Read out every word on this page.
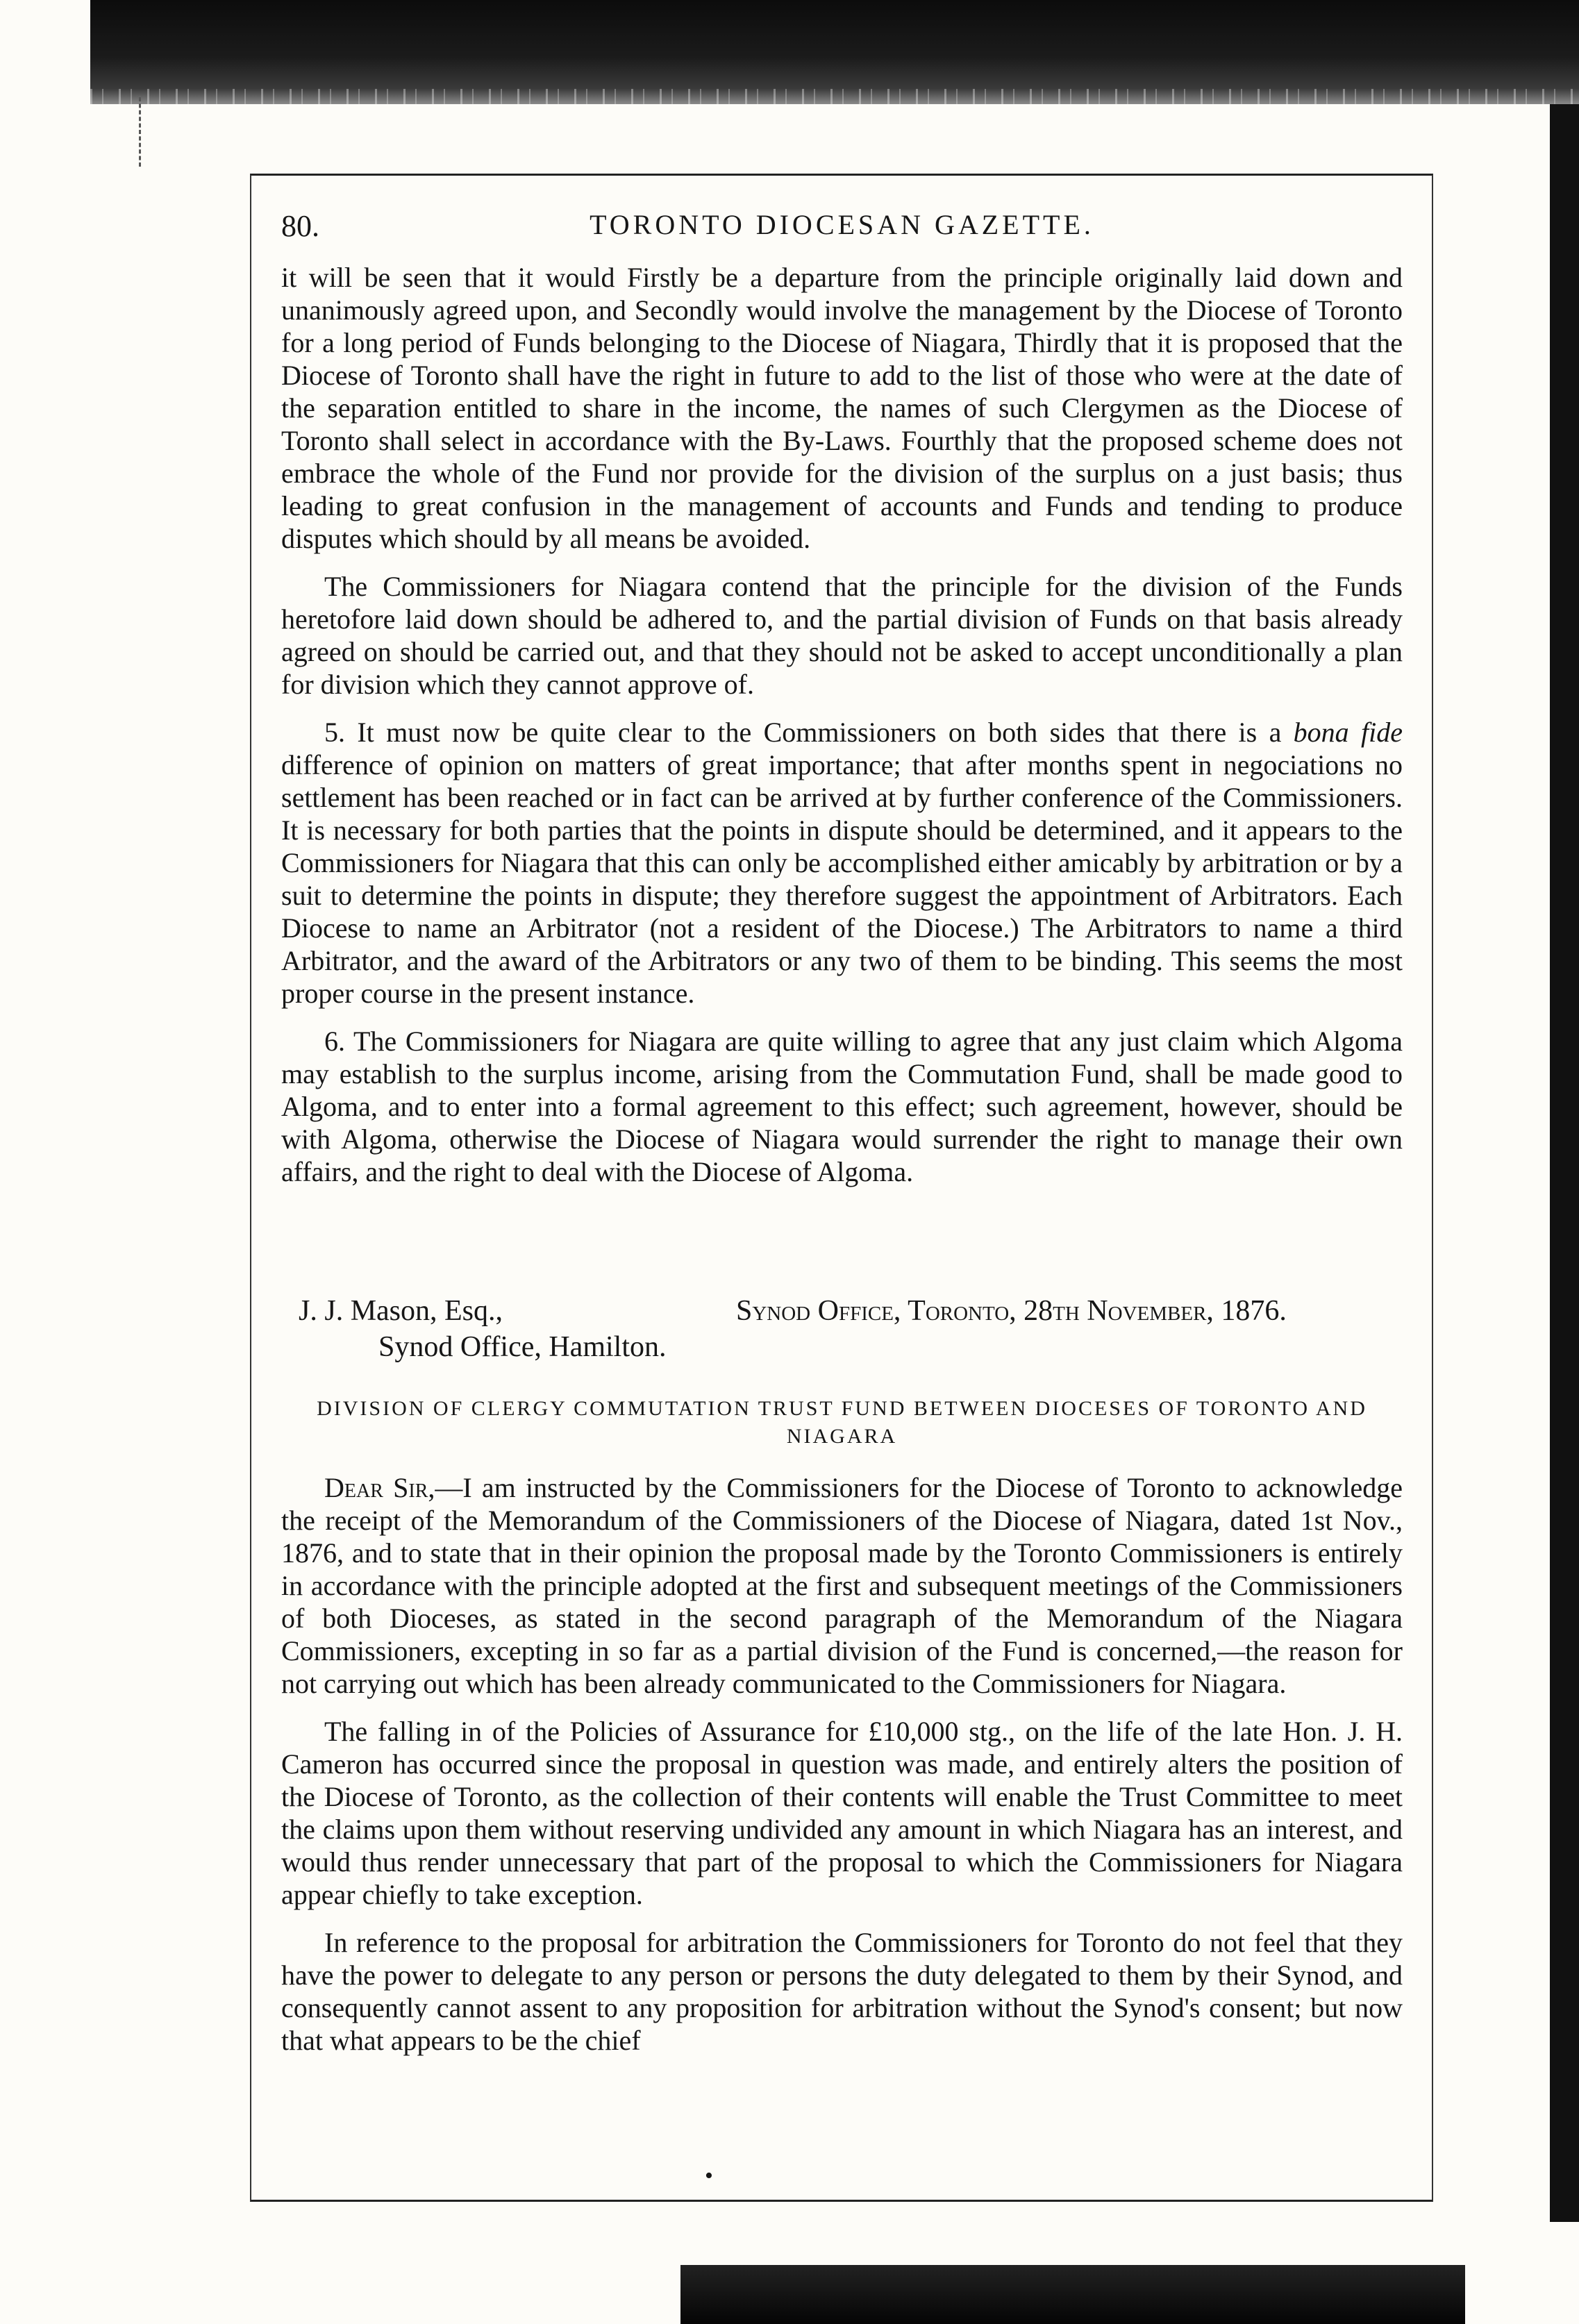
80.	TORONTO DIOCESAN GAZETTE.

it will be seen that it would Firstly be a departure from the principle originally laid down and unanimously agreed upon, and Secondly would involve the management by the Diocese of Toronto for a long period of Funds belonging to the Diocese of Niagara, Thirdly that it is proposed that the Diocese of Toronto shall have the right in future to add to the list of those who were at the date of the separation entitled to share in the income, the names of such Clergymen as the Diocese of Toronto shall select in accordance with the By-Laws. Fourthly that the proposed scheme does not embrace the whole of the Fund nor provide for the division of the surplus on a just basis; thus leading to great confusion in the management of accounts and Funds and tending to produce disputes which should by all means be avoided.

The Commissioners for Niagara contend that the principle for the division of the Funds heretofore laid down should be adhered to, and the partial division of Funds on that basis already agreed on should be carried out, and that they should not be asked to accept unconditionally a plan for division which they cannot approve of.

5. It must now be quite clear to the Commissioners on both sides that there is a bona fide difference of opinion on matters of great importance; that after months spent in negociations no settlement has been reached or in fact can be arrived at by further conference of the Commissioners. It is necessary for both parties that the points in dispute should be determined, and it appears to the Commissioners for Niagara that this can only be accomplished either amicably by arbitration or by a suit to determine the points in dispute; they therefore suggest the appointment of Arbitrators. Each Diocese to name an Arbitrator (not a resident of the Diocese.) The Arbitrators to name a third Arbitrator, and the award of the Arbitrators or any two of them to be binding. This seems the most proper course in the present instance.

6. The Commissioners for Niagara are quite willing to agree that any just claim which Algoma may establish to the surplus income, arising from the Commutation Fund, shall be made good to Algoma, and to enter into a formal agreement to this effect; such agreement, however, should be with Algoma, otherwise the Diocese of Niagara would surrender the right to manage their own affairs, and the right to deal with the Diocese of Algoma.

J. J. Mason, Esq.,
Synod Office, Hamilton.
Synod Office, Toronto, 28th November, 1876.
DIVISION OF CLERGY COMMUTATION TRUST FUND BETWEEN DIOCESES OF TORONTO AND NIAGARA

Dear Sir,—I am instructed by the Commissioners for the Diocese of Toronto to acknowledge the receipt of the Memorandum of the Commissioners of the Diocese of Niagara, dated 1st Nov., 1876, and to state that in their opinion the proposal made by the Toronto Commissioners is entirely in accordance with the principle adopted at the first and subsequent meetings of the Commissioners of both Dioceses, as stated in the second paragraph of the Memorandum of the Niagara Commissioners, excepting in so far as a partial division of the Fund is concerned,—the reason for not carrying out which has been already communicated to the Commissioners for Niagara.

The falling in of the Policies of Assurance for £10,000 stg., on the life of the late Hon. J. H. Cameron has occurred since the proposal in question was made, and entirely alters the position of the Diocese of Toronto, as the collection of their contents will enable the Trust Committee to meet the claims upon them without reserving undivided any amount in which Niagara has an interest, and would thus render unnecessary that part of the proposal to which the Commissioners for Niagara appear chiefly to take exception.

In reference to the proposal for arbitration the Commissioners for Toronto do not feel that they have the power to delegate to any person or persons the duty delegated to them by their Synod, and consequently cannot assent to any proposition for arbitration without the Synod's consent; but now that what appears to be the chief

•
